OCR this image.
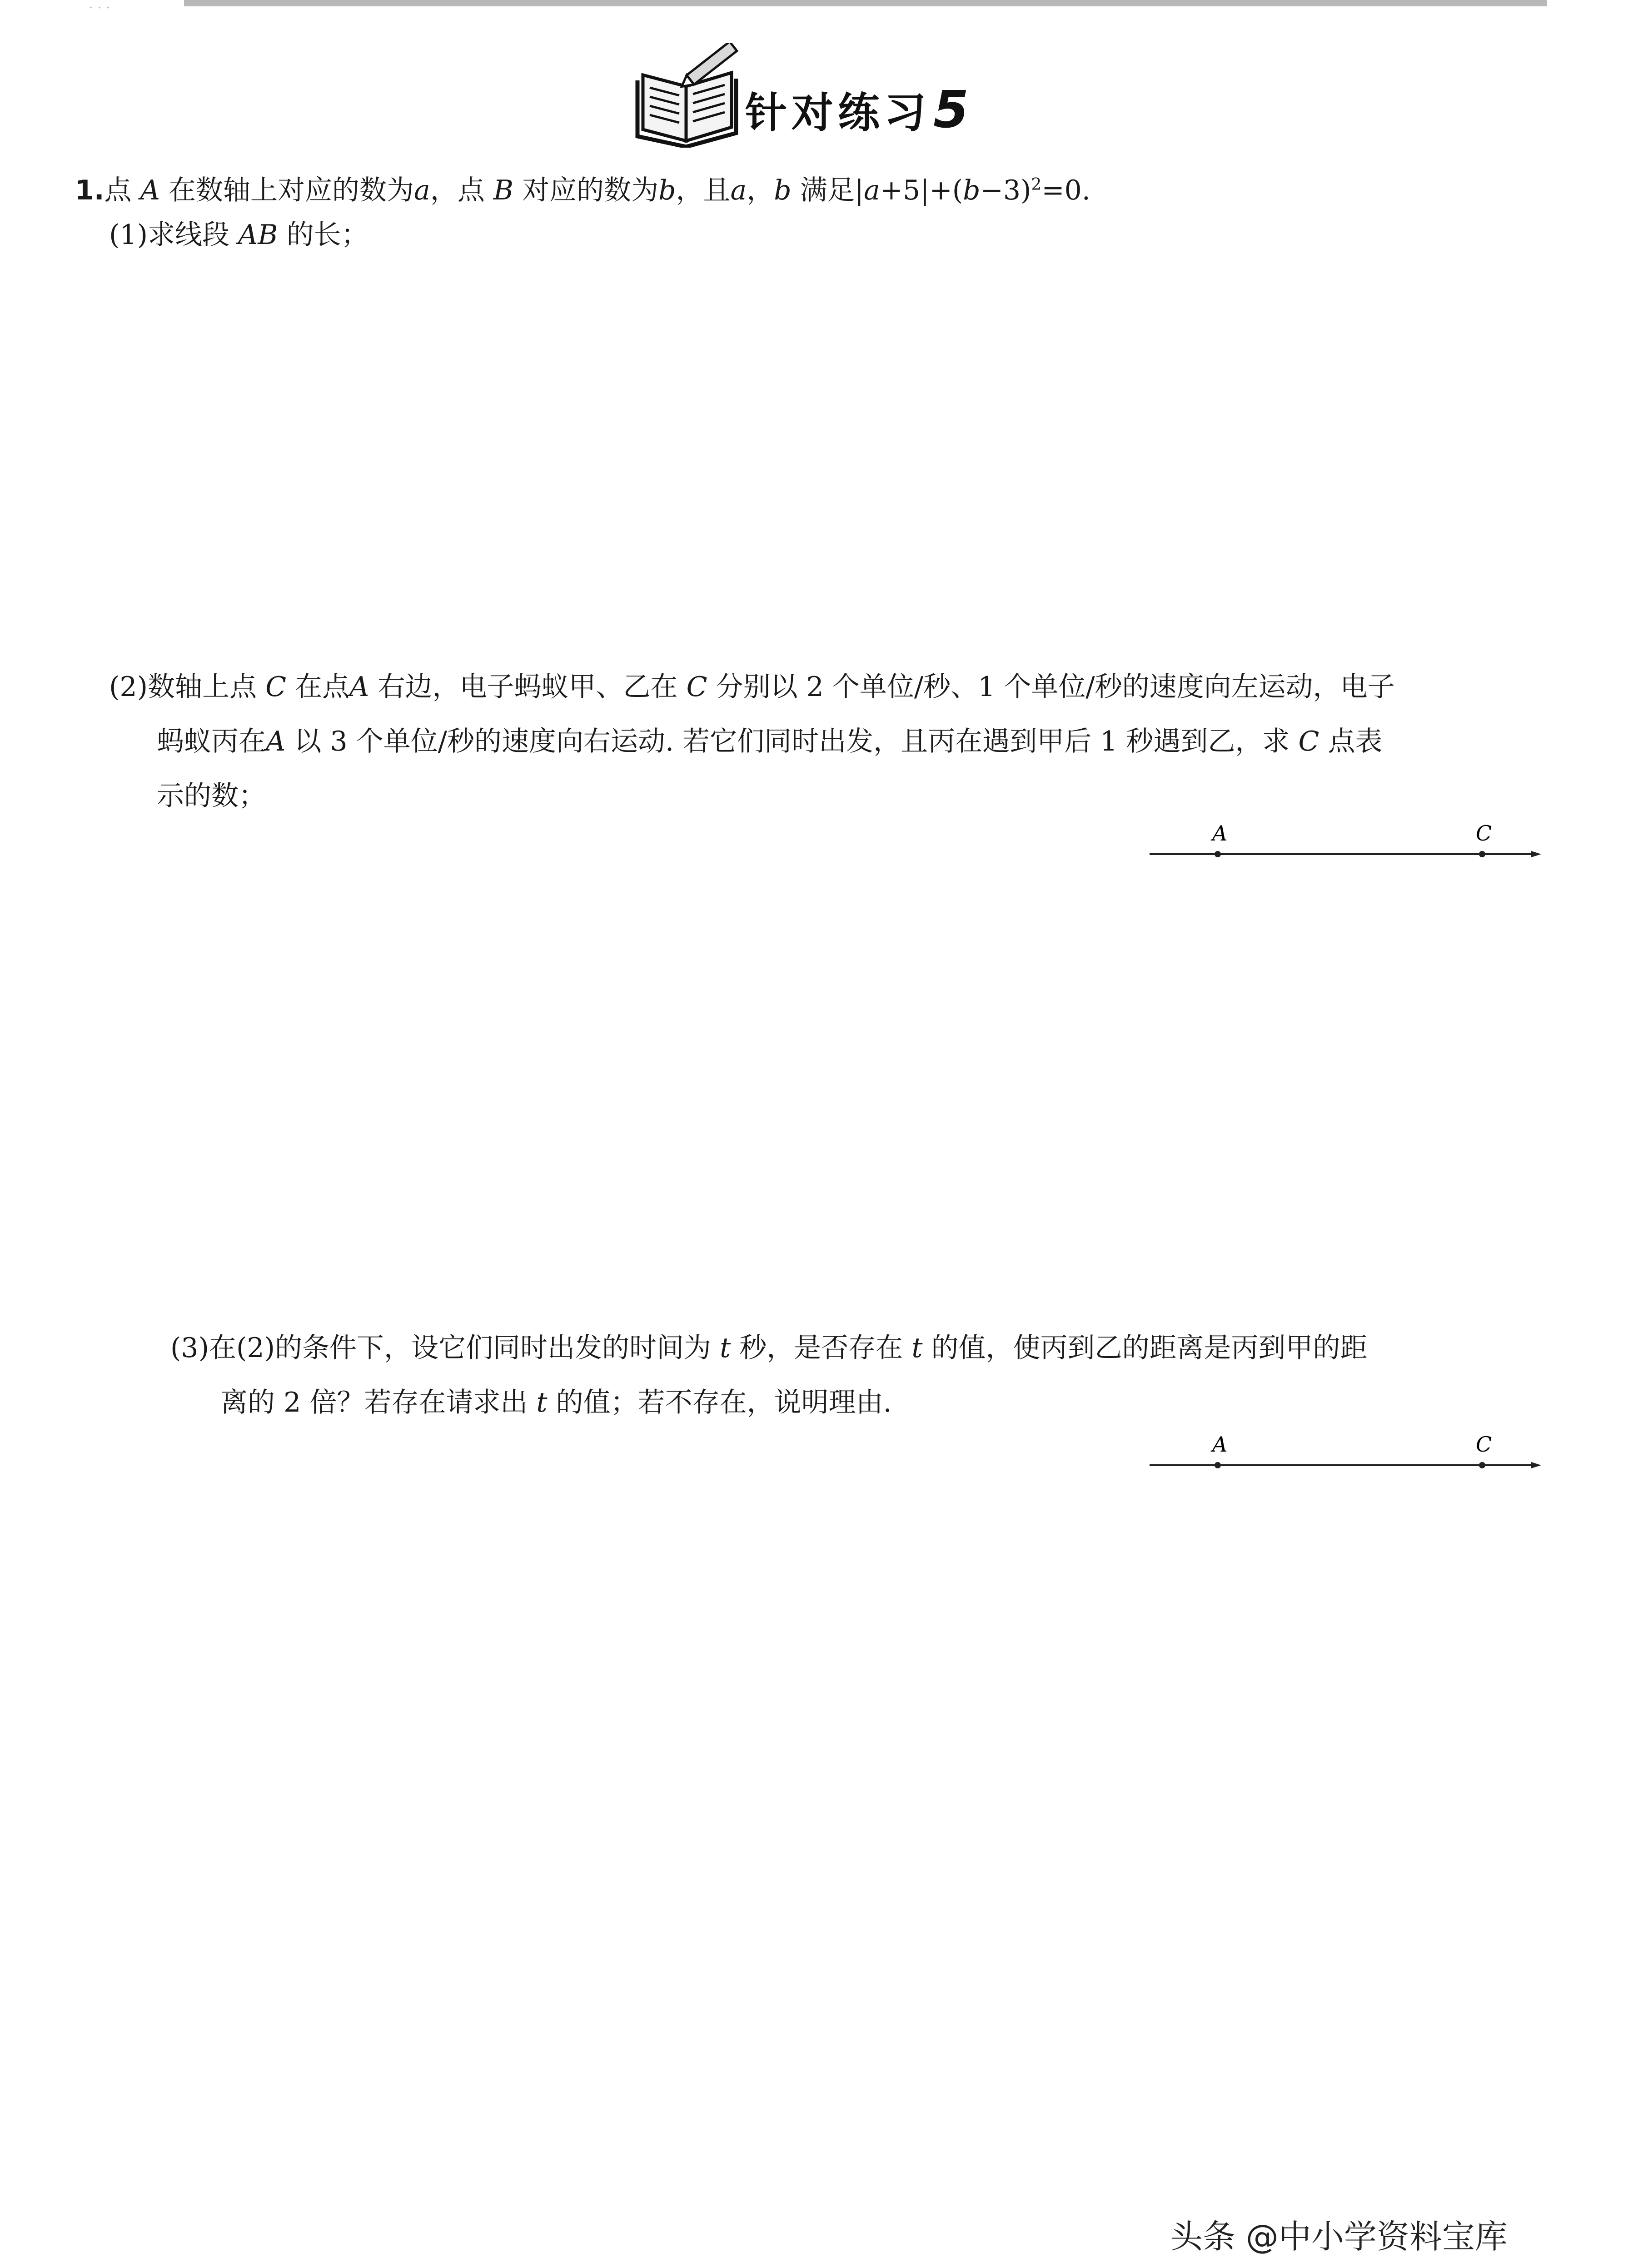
· · ·
针对练习5
1.点 A 在数轴上对应的数为a，点 B 对应的数为b，且a，b 满足$|a+5|+(b-3)^2=0$.
(1)求线段 AB 的长；
(2)数轴上点 C 在点A 右边，电子蚂蚁甲、乙在 C 分别以 2 个单位/秒、1 个单位/秒的速度向左运动，电子
蚂蚁丙在A 以 3 个单位/秒的速度向右运动. 若它们同时出发，且丙在遇到甲后 1 秒遇到乙，求 C 点表
示的数；
A	C
(3)在(2)的条件下，设它们同时出发的时间为 t 秒，是否存在 t 的值，使丙到乙的距离是丙到甲的距
离的 2 倍？若存在请求出 t 的值；若不存在，说明理由.
A	C
头条 @中小学资料宝库
